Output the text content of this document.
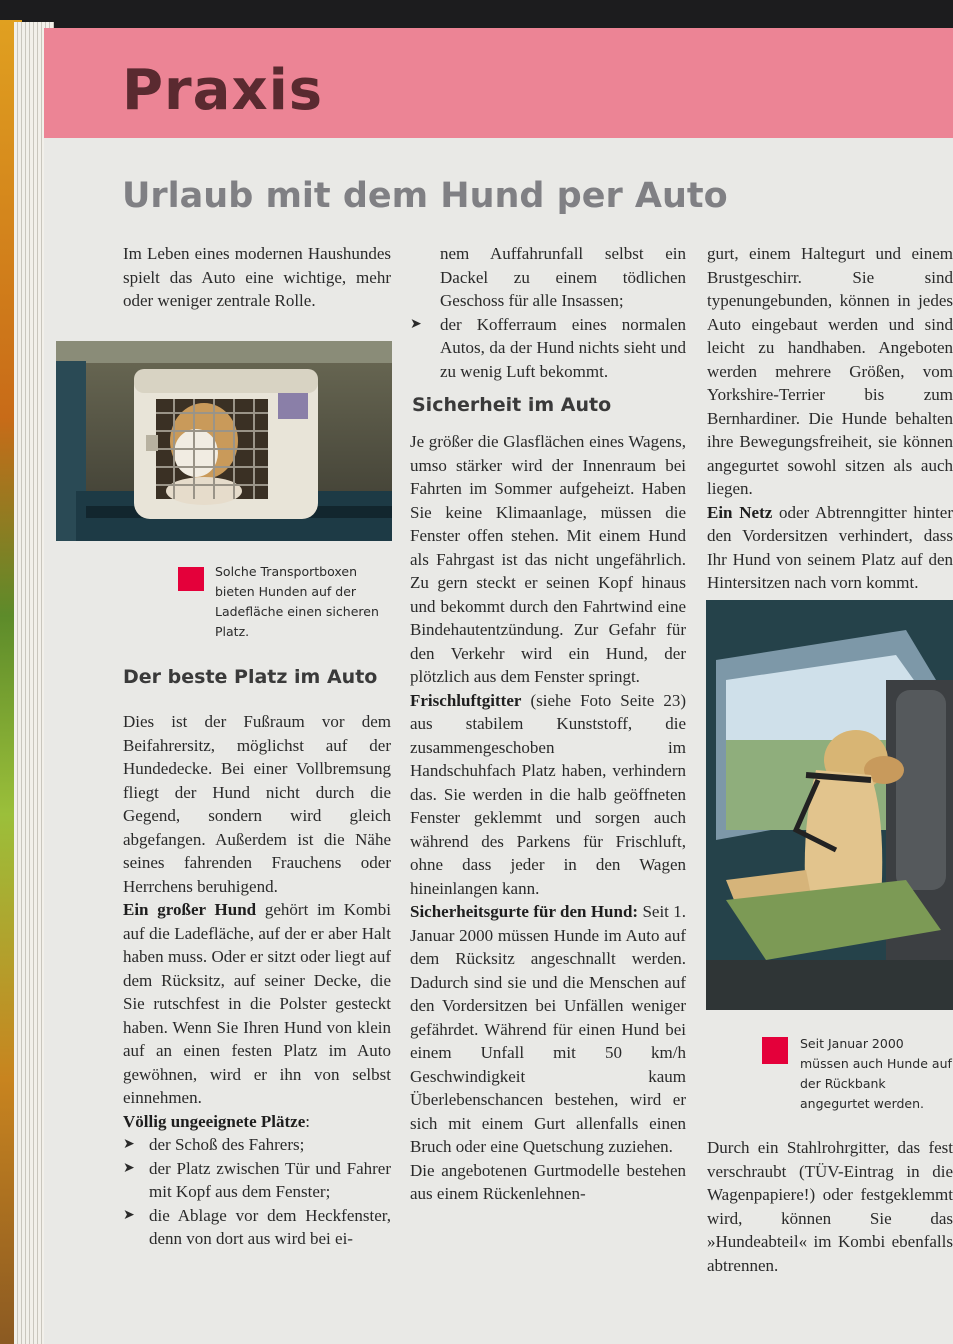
Praxis
Urlaub mit dem Hund per Auto

Im Leben eines modernen Haushundes spielt das Auto eine wichtige, mehr oder weniger zentrale Rolle.

Solche Transportboxen bieten Hunden auf der Ladefläche einen sicheren Platz.
Der beste Platz im Auto

Dies ist der Fußraum vor dem Beifahrersitz, möglichst auf der Hundedecke. Bei einer Vollbremsung fliegt der Hund nicht durch die Gegend, sondern wird gleich abgefangen. Außerdem ist die Nähe seines fahrenden Frauchens oder Herrchens beruhigend.

Ein großer Hund gehört im Kombi auf die Ladefläche, auf der er aber Halt haben muss. Oder er sitzt oder liegt auf dem Rücksitz, auf seiner Decke, die Sie rutschfest in die Polster gesteckt haben. Wenn Sie Ihren Hund von klein auf an einen festen Platz im Auto gewöhnen, wird er ihn von selbst einnehmen.

Völlig ungeeignete Plätze:

➤ der Schoß des Fahrers;

➤ der Platz zwischen Tür und Fahrer mit Kopf aus dem Fenster;

➤ die Ablage vor dem Heckfenster, denn von dort aus wird bei ei-

nem Auffahrunfall selbst ein Dackel zu einem tödlichen Geschoss für alle Insassen;

➤ der Kofferraum eines normalen Autos, da der Hund nichts sieht und zu wenig Luft bekommt.

Sicherheit im Auto

Je größer die Glasflächen eines Wagens, umso stärker wird der Innenraum bei Fahrten im Sommer aufgeheizt. Haben Sie keine Klimaanlage, müssen die Fenster offen stehen. Mit einem Hund als Fahrgast ist das nicht ungefährlich. Zu gern steckt er seinen Kopf hinaus und bekommt durch den Fahrtwind eine Bindehautentzündung. Zur Gefahr für den Verkehr wird ein Hund, der plötzlich aus dem Fenster springt.

Frischluftgitter (siehe Foto Seite 23) aus stabilem Kunststoff, die zusammengeschoben im Handschuhfach Platz haben, verhindern das. Sie werden in die halb geöffneten Fenster geklemmt und sorgen auch während des Parkens für Frischluft, ohne dass jeder in den Wagen hineinlangen kann.

Sicherheitsgurte für den Hund: Seit 1. Januar 2000 müssen Hunde im Auto auf dem Rücksitz angeschnallt werden. Dadurch sind sie und die Menschen auf den Vordersitzen bei Unfällen weniger gefährdet. Während für einen Hund bei einem Unfall mit 50 km/h Geschwindigkeit kaum Überlebenschancen bestehen, wird er sich mit einem Gurt allenfalls einen Bruch oder eine Quetschung zuziehen.

Die angebotenen Gurtmodelle bestehen aus einem Rückenlehnen-

gurt, einem Haltegurt und einem Brustgeschirr. Sie sind typenungebunden, können in jedes Auto eingebaut werden und sind leicht zu handhaben. Angeboten werden mehrere Größen, vom Yorkshire-Terrier bis zum Bernhardiner. Die Hunde behalten ihre Bewegungsfreiheit, sie können angegurtet sowohl sitzen als auch liegen.

Ein Netz oder Abtrenngitter hinter den Vordersitzen verhindert, dass Ihr Hund von seinem Platz auf den Hintersitzen nach vorn kommt.

Seit Januar 2000 müssen auch Hunde auf der Rückbank angegurtet werden.

Durch ein Stahlrohrgitter, das fest verschraubt (TÜV-Eintrag in die Wagenpapiere!) oder festgeklemmt wird, können Sie das »Hundeabteil« im Kombi ebenfalls abtrennen.
